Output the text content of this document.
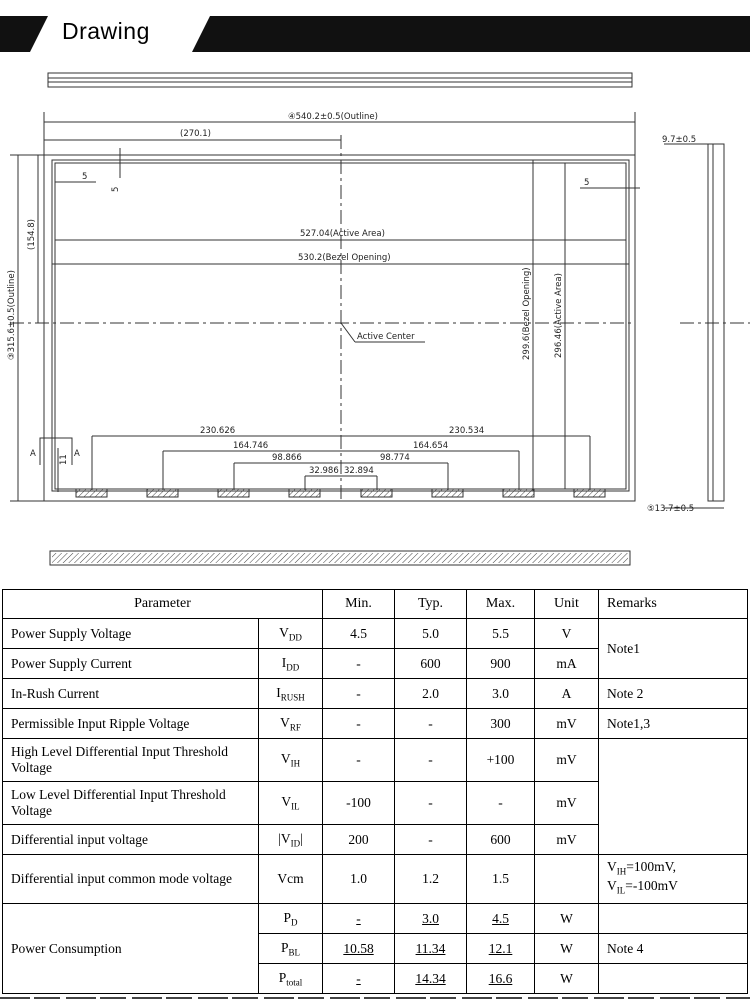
Drawing
④540.2±0.5(Outline)
(270.1)
5
5
5
527.04(Active Area)
530.2(Bezel Opening)
(154.8)
③315.6±0.5(Outline)	Active Center	299.6(Bezel Opening)	296.46(Active Area)
230.626	230.534
164.746	164.654
98.866	98.774
32.986 32.894
A	A
11
9.7±0.5
⑤13.7±0.5
Parameter		Min.	Typ.	Max.	Unit	Remarks
Power Supply Voltage	$V_{DD}$	4.5	5.0	5.5	V	Note1
Power Supply Current	$I_{DD}$	-	600	900	mA	
In-Rush Current	$I_{RUSH}$	-	2.0	3.0	A	Note 2
Permissible Input Ripple Voltage	$V_{RF}$	-	-	300	mV	Note1,3
High Level Differential Input Threshold Voltage	$V_{IH}$	-	-	+100	mV	
Low Level Differential Input Threshold Voltage	$V_{IL}$	-100	-	-	mV	
Differential input voltage	$|V_{ID}|$	200	-	600	mV	
Differential input common mode voltage	Vcm	1.0	1.2	1.5		$V_{IH}=100mV$,
$V_{IL}=-100mV$
Power Consumption	$P_D$	-	3.0	4.5	W	
	$P_{BL}$	10.58	11.34	12.1	W	Note 4
	$P_{total}$	-	14.34	16.6	W	
